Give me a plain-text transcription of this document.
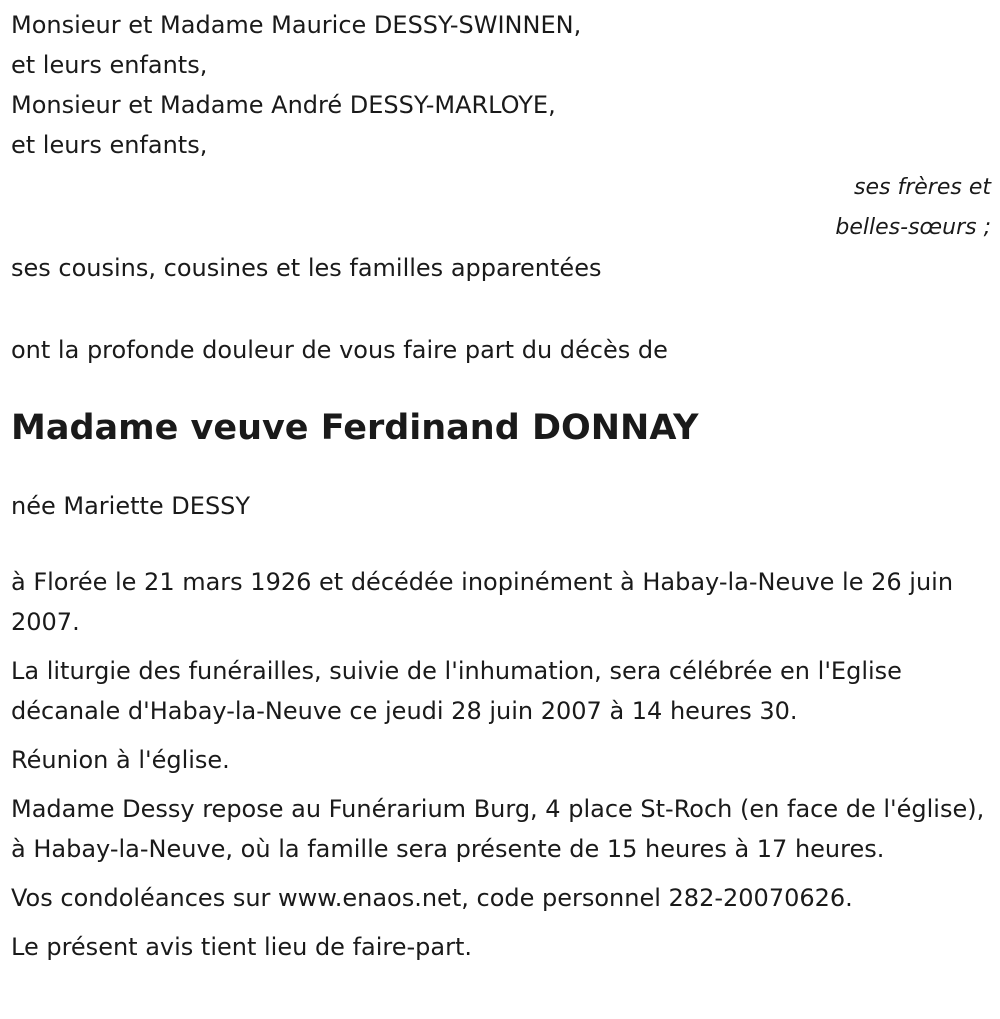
Monsieur et Madame Maurice DESSY-SWINNEN,
et leurs enfants,
Monsieur et Madame André DESSY-MARLOYE,
et leurs enfants,
ses frères et
belles-sœurs ;
ses cousins, cousines et les familles apparentées
ont la profonde douleur de vous faire part du décès de
Madame veuve Ferdinand DONNAY
née Mariette DESSY
à Florée le 21 mars 1926 et décédée inopinément à Habay-la-Neuve le 26 juin 2007.
La liturgie des funérailles, suivie de l'inhumation, sera célébrée en l'Eglise décanale d'Habay-la-Neuve ce jeudi 28 juin 2007 à 14 heures 30.
Réunion à l'église.
Madame Dessy repose au Funérarium Burg, 4 place St-Roch (en face de l'église), à Habay-la-Neuve, où la famille sera présente de 15 heures à 17 heures.
Vos condoléances sur www.enaos.net, code personnel 282-20070626.
Le présent avis tient lieu de faire-part.
